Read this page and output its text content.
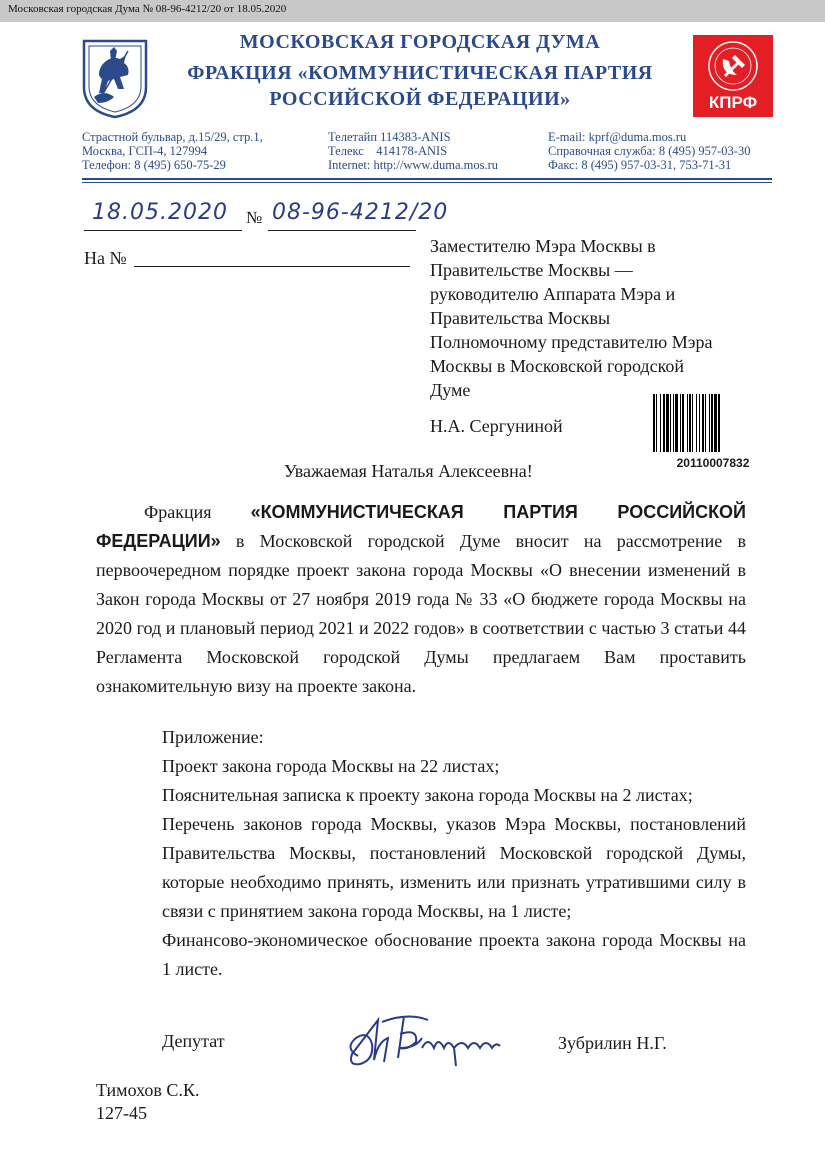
Московская городская Дума № 08-96-4212/20 от 18.05.2020
МОСКОВСКАЯ ГОРОДСКАЯ ДУМА
ФРАКЦИЯ «КОММУНИСТИЧЕСКАЯ ПАРТИЯ
РОССИЙСКОЙ ФЕДЕРАЦИИ»	КПРФ
Страстной бульвар, д.15/29, стр.1,
Москва, ГСП-4, 127994
Телефон: 8 (495) 650-75-29
Телетайп 114383-ANIS
Телекс    414178-ANIS
Internet: http://www.duma.mos.ru
E-mail: kprf@duma.mos.ru
Справочная служба: 8 (495) 957-03-30
Факс: 8 (495) 957-03-31, 753-71-31
18.05.2020 № 08-96-4212/20
На №
Заместителю Мэра Москвы в
Правительстве Москвы —
руководителю Аппарата Мэра и
Правительства Москвы
Полномочному представителю Мэра
Москвы в Московской городской
Думе
Н.А. Сергуниной
20110007832
Уважаемая Наталья Алексеевна!
Фракция «КОММУНИСТИЧЕСКАЯ ПАРТИЯ РОССИЙСКОЙ ФЕДЕРАЦИИ» в Московской городской Думе вносит на рассмотрение в первоочередном порядке проект закона города Москвы «О внесении изменений в Закон города Москвы от 27 ноября 2019 года № 33 «О бюджете города Москвы на 2020 год и плановый период 2021 и 2022 годов» в соответствии с частью 3 статьи 44 Регламента Московской городской Думы предлагаем Вам проставить ознакомительную визу на проекте закона.

Приложение:

Проект закона города Москвы на 22 листах;

Пояснительная записка к проекту закона города Москвы на 2 листах;

Перечень законов города Москвы, указов Мэра Москвы, постановлений Правительства Москвы, постановлений Московской городской Думы, которые необходимо принять, изменить или признать утратившими силу в связи с принятием закона города Москвы, на 1 листе;

Финансово-экономическое обоснование проекта закона города Москвы на 1 листе.

Депутат	Зубрилин Н.Г.
Тимохов С.К.
127-45
